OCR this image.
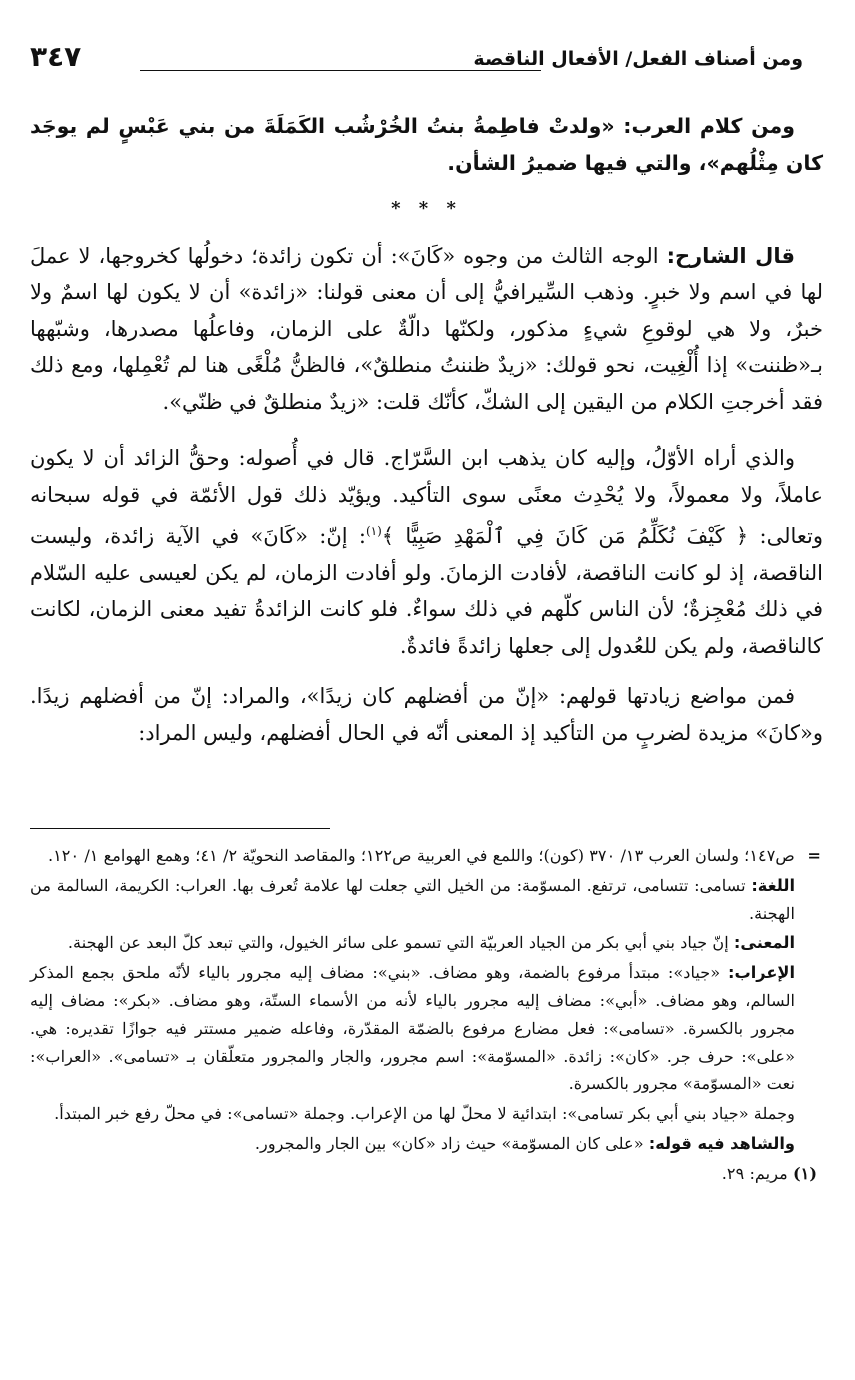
ومن أصناف الفعل/ الأفعال الناقصة
٣٤٧

ومن كلام العرب: «ولدتْ فاطِمةُ بنتُ الخُرْشُب الكَمَلَةَ من بني عَبْسٍ لم يوجَد كان مِثْلُهم»، والتي فيها ضميرُ الشأن.

* * *

قال الشارح: الوجه الثالث من وجوه «كَانَ»: أن تكون زائدة؛ دخولُها كخروجها، لا عملَ لها في اسم ولا خبرٍ. وذهب السِّيرافيُّ إلى أن معنى قولنا: «زائدة» أن لا يكون لها اسمٌ ولا خبرٌ، ولا هي لوقوعِ شيءٍ مذكور، ولكنّها دالّةٌ على الزمان، وفاعلُها مصدرها، وشبّهها بـ«ظننت» إذا أُلْغِيت، نحو قولك: «زيدٌ ظننتُ منطلقٌ»، فالظنُّ مُلْغًى هنا لم تُعْمِلها، ومع ذلك فقد أخرجتِ الكلام من اليقين إلى الشكّ، كأنّك قلت: «زيدٌ منطلقٌ في ظنّي».

والذي أراه الأوّلُ، وإليه كان يذهب ابن السَّرّاج. قال في أُصوله: وحقُّ الزائد أن لا يكون عاملاً، ولا معمولاً، ولا يُحْدِث معنًى سوى التأكيد. ويؤيّد ذلك قول الأئمّة في قوله سبحانه وتعالى: ﴿ كَيْفَ نُكَلِّمُ مَن كَانَ فِي ٱلْمَهْدِ صَبِيًّا ﴾$^{(١)}$: إنّ: «كَانَ» في الآية زائدة، وليست الناقصة، إذ لو كانت الناقصة، لأفادت الزمانَ. ولو أفادت الزمان، لم يكن لعيسى عليه السّلام في ذلك مُعْجِزةٌ؛ لأن الناس كلّهم في ذلك سواءٌ. فلو كانت الزائدةُ تفيد معنى الزمان، لكانت كالناقصة، ولم يكن للعُدول إلى جعلها زائدةً فائدةٌ.

فمن مواضع زيادتها قولهم: «إنّ من أفضلهم كان زيدًا»، والمراد: إنّ من أفضلهم زيدًا. و«كانَ» مزيدة لضربٍ من التأكيد إذ المعنى أنّه في الحال أفضلهم، وليس المراد:

=
ص١٤٧؛ ولسان العرب ١٣/ ٣٧٠ (كون)؛ واللمع في العربية ص١٢٢؛ والمقاصد النحويّة ٢/ ٤١؛ وهمع الهوامع ١/ ١٢٠.

اللغة: تسامى: تتسامى، ترتفع. المسوّمة: من الخيل التي جعلت لها علامة تُعرف بها. العراب: الكريمة، السالمة من الهجنة.

المعنى: إنّ جياد بني أبي بكر من الجياد العربيّة التي تسمو على سائر الخيول، والتي تبعد كلّ البعد عن الهجنة.

الإعراب: «جياد»: مبتدأ مرفوع بالضمة، وهو مضاف. «بني»: مضاف إليه مجرور بالياء لأنّه ملحق بجمع المذكر السالم، وهو مضاف. «أبي»: مضاف إليه مجرور بالياء لأنه من الأسماء الستّة، وهو مضاف. «بكر»: مضاف إليه مجرور بالكسرة. «تسامى»: فعل مضارع مرفوع بالضمّة المقدّرة، وفاعله ضمير مستتر فيه جوازًا تقديره: هي. «على»: حرف جر. «كان»: زائدة. «المسوّمة»: اسم مجرور، والجار والمجرور متعلّقان بـ «تسامى». «العراب»: نعت «المسوّمة» مجرور بالكسرة.

وجملة «جياد بني أبي بكر تسامى»: ابتدائية لا محلّ لها من الإعراب. وجملة «تسامى»: في محلّ رفع خبر المبتدأ.

والشاهد فيه قوله: «على كان المسوّمة» حيث زاد «كان» بين الجار والمجرور.

(١) مريم: ٢٩.
